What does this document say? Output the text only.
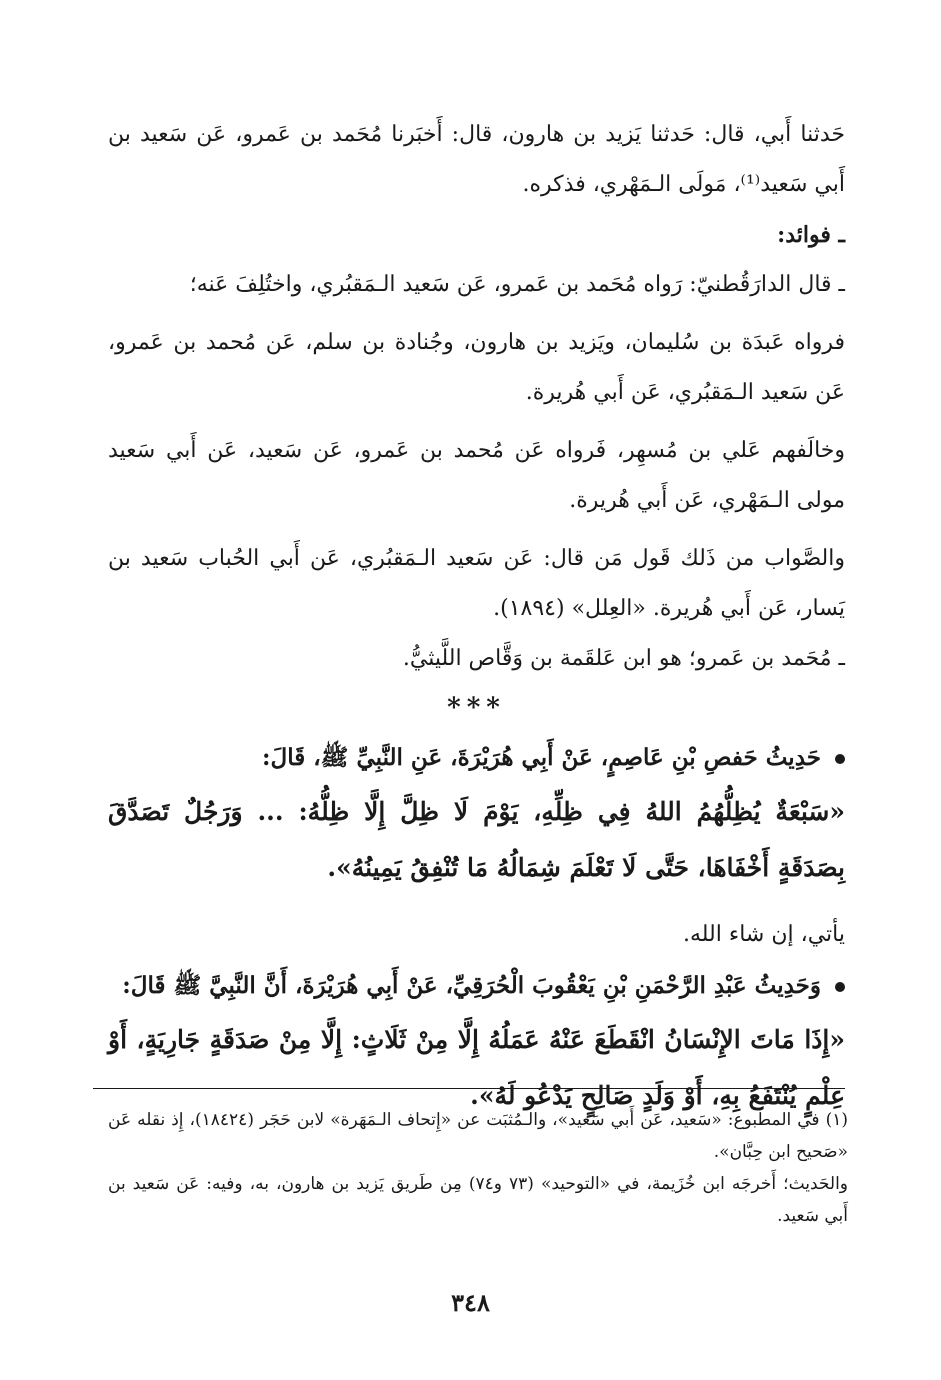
حَدثنا أَبي، قال: حَدثنا يَزيد بن هارون، قال: أَخبَرنا مُحَمد بن عَمرو، عَن سَعيد بن أَبي سَعيد⁽¹⁾، مَولَى الـمَهْري، فذكره.

ـ فوائد:

ـ قال الدارَقُطنيّ: رَواه مُحَمد بن عَمرو، عَن سَعيد الـمَقبُري، واختُلِفَ عَنه؛

فرواه عَبدَة بن سُليمان، ويَزيد بن هارون، وجُنادة بن سلم، عَن مُحمد بن عَمرو، عَن سَعيد الـمَقبُري، عَن أَبي هُريرة.

وخالَفهم عَلي بن مُسهِر، فَرواه عَن مُحمد بن عَمرو، عَن سَعيد، عَن أَبي سَعيد مولى الـمَهْري، عَن أَبي هُريرة.

والصَّواب من ذَلك قَول مَن قال: عَن سَعيد الـمَقبُري، عَن أَبي الحُباب سَعيد بن يَسار، عَن أَبي هُريرة. «العِلل» (١٨٩٤).

ـ مُحَمد بن عَمرو؛ هو ابن عَلقَمة بن وَقَّاص اللَّيثيُّ.

***

حَدِيثُ حَفصِ بْنِ عَاصِمٍ، عَنْ أَبِي هُرَيْرَةَ، عَنِ النَّبِيِّ ﷺ، قَالَ:

«سَبْعَةٌ يُظِلُّهُمُ اللهُ فِي ظِلِّهِ، يَوْمَ لَا ظِلَّ إِلَّا ظِلُّهُ: ... وَرَجُلٌ تَصَدَّقَ بِصَدَقَةٍ أَخْفَاهَا، حَتَّى لَا تَعْلَمَ شِمَالُهُ مَا تُنْفِقُ يَمِينُهُ».

يأتي، إن شاء الله.

وَحَدِيثُ عَبْدِ الرَّحْمَنِ بْنِ يَعْقُوبَ الْحُرَقِيِّ، عَنْ أَبِي هُرَيْرَةَ، أَنَّ النَّبِيَّ ﷺ قَالَ:

«إِذَا مَاتَ الإِنْسَانُ انْقَطَعَ عَنْهُ عَمَلُهُ إِلَّا مِنْ ثَلَاثٍ: إِلَّا مِنْ صَدَقَةٍ جَارِيَةٍ، أَوْ عِلْمٍ يُنْتَفَعُ بِهِ، أَوْ وَلَدٍ صَالِحٍ يَدْعُو لَهُ».

(١) في المطبوع: «سَعيد، عَن أَبي سَعيد»، والـمُثبَت عن «إِتحاف الـمَهَرة» لابن حَجَر (١٨٤٢٤)، إِذ نقله عَن «صَحيح ابن حِبَّان».

والحَديث؛ أَخرجَه ابن خُزَيمة، في «التوحيد» (٧٣ و٧٤) مِن طَريق يَزيد بن هارون، به، وفيه: عَن سَعيد بن أَبي سَعيد.

٣٤٨
